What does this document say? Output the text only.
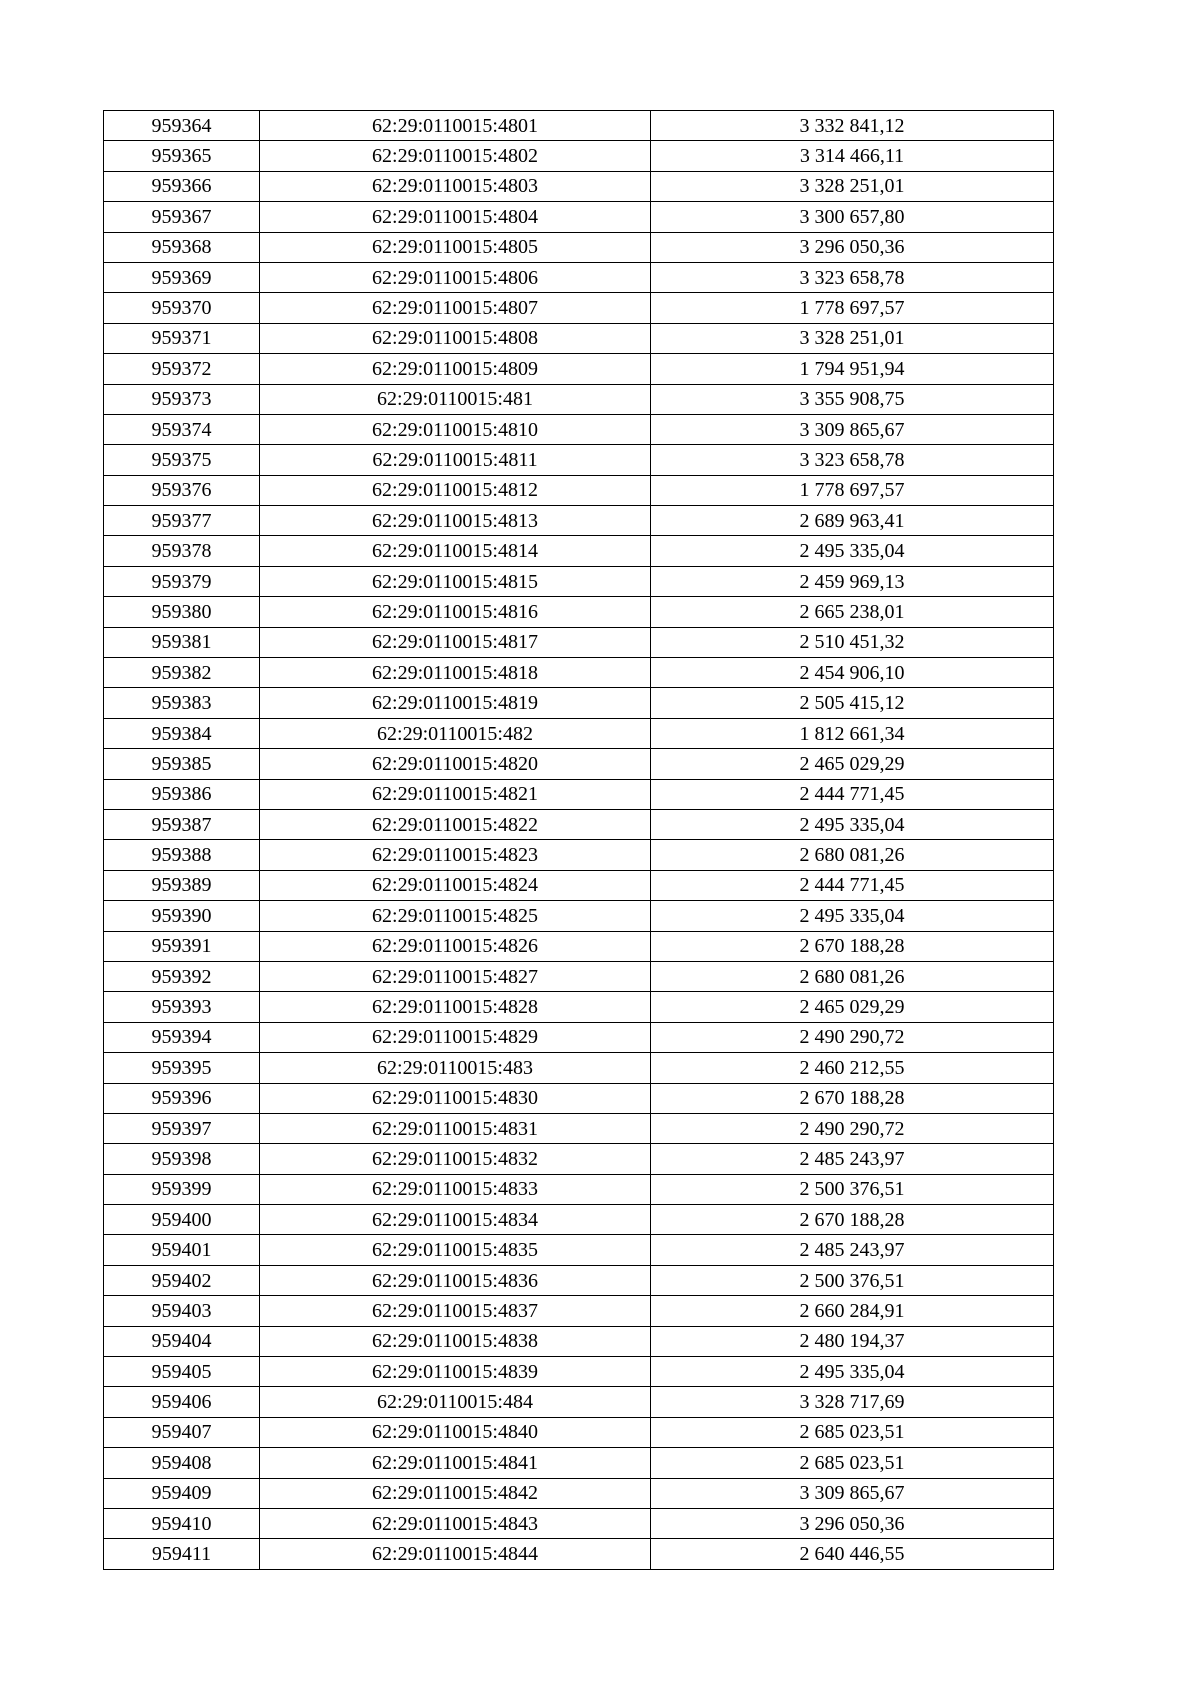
959364	62:29:0110015:4801	3 332 841,12
959365	62:29:0110015:4802	3 314 466,11
959366	62:29:0110015:4803	3 328 251,01
959367	62:29:0110015:4804	3 300 657,80
959368	62:29:0110015:4805	3 296 050,36
959369	62:29:0110015:4806	3 323 658,78
959370	62:29:0110015:4807	1 778 697,57
959371	62:29:0110015:4808	3 328 251,01
959372	62:29:0110015:4809	1 794 951,94
959373	62:29:0110015:481	3 355 908,75
959374	62:29:0110015:4810	3 309 865,67
959375	62:29:0110015:4811	3 323 658,78
959376	62:29:0110015:4812	1 778 697,57
959377	62:29:0110015:4813	2 689 963,41
959378	62:29:0110015:4814	2 495 335,04
959379	62:29:0110015:4815	2 459 969,13
959380	62:29:0110015:4816	2 665 238,01
959381	62:29:0110015:4817	2 510 451,32
959382	62:29:0110015:4818	2 454 906,10
959383	62:29:0110015:4819	2 505 415,12
959384	62:29:0110015:482	1 812 661,34
959385	62:29:0110015:4820	2 465 029,29
959386	62:29:0110015:4821	2 444 771,45
959387	62:29:0110015:4822	2 495 335,04
959388	62:29:0110015:4823	2 680 081,26
959389	62:29:0110015:4824	2 444 771,45
959390	62:29:0110015:4825	2 495 335,04
959391	62:29:0110015:4826	2 670 188,28
959392	62:29:0110015:4827	2 680 081,26
959393	62:29:0110015:4828	2 465 029,29
959394	62:29:0110015:4829	2 490 290,72
959395	62:29:0110015:483	2 460 212,55
959396	62:29:0110015:4830	2 670 188,28
959397	62:29:0110015:4831	2 490 290,72
959398	62:29:0110015:4832	2 485 243,97
959399	62:29:0110015:4833	2 500 376,51
959400	62:29:0110015:4834	2 670 188,28
959401	62:29:0110015:4835	2 485 243,97
959402	62:29:0110015:4836	2 500 376,51
959403	62:29:0110015:4837	2 660 284,91
959404	62:29:0110015:4838	2 480 194,37
959405	62:29:0110015:4839	2 495 335,04
959406	62:29:0110015:484	3 328 717,69
959407	62:29:0110015:4840	2 685 023,51
959408	62:29:0110015:4841	2 685 023,51
959409	62:29:0110015:4842	3 309 865,67
959410	62:29:0110015:4843	3 296 050,36
959411	62:29:0110015:4844	2 640 446,55
